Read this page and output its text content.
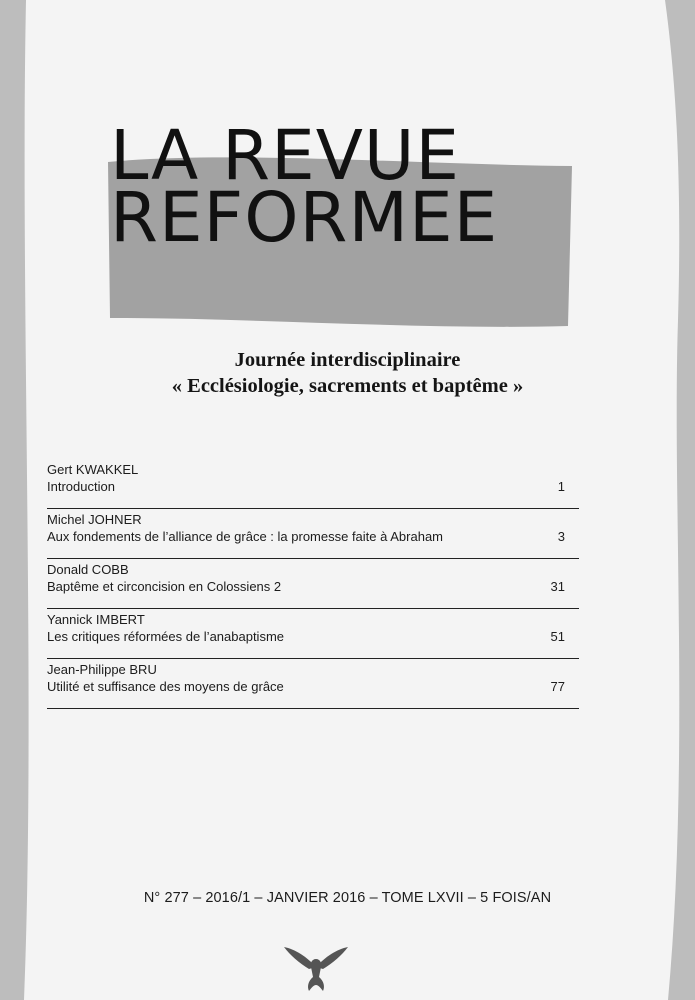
LA REVUE
REFORMEE
Journée interdisciplinaire
« Ecclésiologie, sacrements et baptême »
Gert KWAKKEL
Introduction	1
Michel JOHNER
Aux fondements de l’alliance de grâce : la promesse faite à Abraham	3
Donald COBB
Baptême et circoncision en Colossiens 2	31
Yannick IMBERT
Les critiques réformées de l’anabaptisme	51
Jean-Philippe BRU
Utilité et suffisance des moyens de grâce	77
N° 277 – 2016/1 – JANVIER 2016 – TOME LXVII – 5 FOIS/AN
